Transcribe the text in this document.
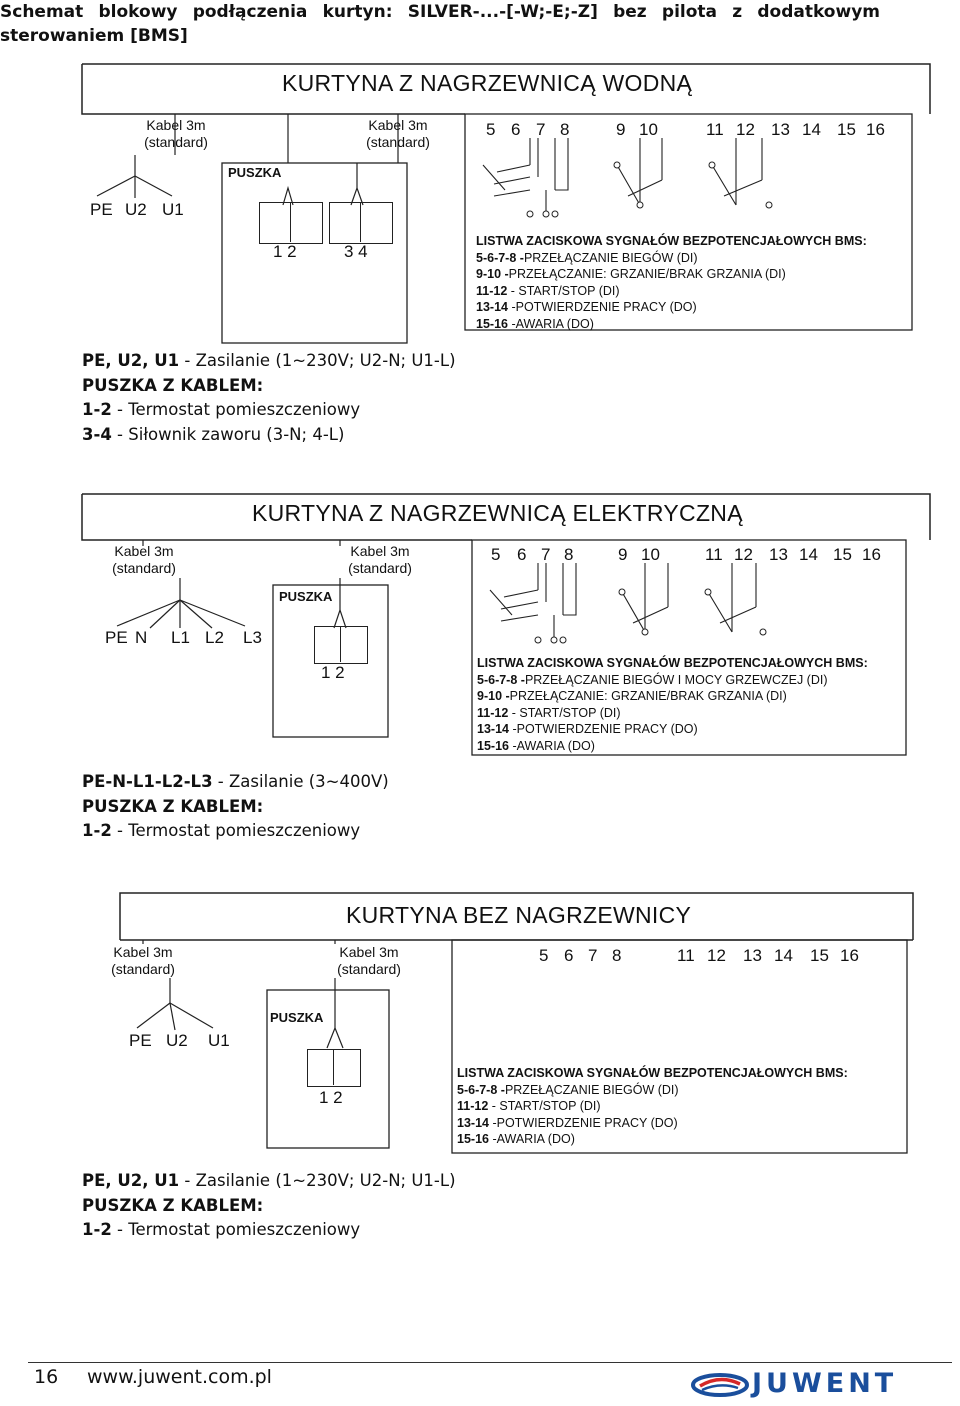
Schemat blokowy podłączenia kurtyn: SILVER-...-[-W;-E;-Z] bez pilota z dodatkowym sterowaniem [BMS]
KURTYNA Z NAGRZEWNICĄ WODNĄ
Kabel 3m
(standard)
Kabel 3m
(standard)
PE U2 U1
PUSZKA
1 2	3 4
5 6 7 8	9 10	11 12 13 14 15 16
LISTWA ZACISKOWA SYGNAŁÓW BEZPOTENCJAŁOWYCH BMS:
5-6-7-8 -PRZEŁĄCZANIE BIEGÓW (DI)
9-10 -PRZEŁĄCZANIE: GRZANIE/BRAK GRZANIA (DI)
11-12 - START/STOP (DI)
13-14 -POTWIERDZENIE PRACY (DO)
15-16 -AWARIA (DO)
PE, U2, U1 - Zasilanie (1~230V; U2-N; U1-L)
PUSZKA Z KABLEM:
1-2 - Termostat pomieszczeniowy
3-4 - Siłownik zaworu (3-N; 4-L)
KURTYNA Z NAGRZEWNICĄ ELEKTRYCZNĄ
Kabel 3m
(standard)
Kabel 3m
(standard)
PE N L1 L2 L3
PUSZKA
1 2
5 6 7 8	9 10	11 12 13 14 15 16
LISTWA ZACISKOWA SYGNAŁÓW BEZPOTENCJAŁOWYCH BMS:
5-6-7-8 -PRZEŁĄCZANIE BIEGÓW I MOCY GRZEWCZEJ (DI)
9-10 -PRZEŁĄCZANIE: GRZANIE/BRAK GRZANIA (DI)
11-12 - START/STOP (DI)
13-14 -POTWIERDZENIE PRACY (DO)
15-16 -AWARIA (DO)
PE-N-L1-L2-L3 - Zasilanie (3~400V)
PUSZKA Z KABLEM:
1-2 - Termostat pomieszczeniowy
KURTYNA BEZ NAGRZEWNICY
Kabel 3m
(standard)
Kabel 3m
(standard)
PE U2 U1
PUSZKA
1 2
5 6 7 8	11 12 13 14 15 16
LISTWA ZACISKOWA SYGNAŁÓW BEZPOTENCJAŁOWYCH BMS:
5-6-7-8 -PRZEŁĄCZANIE BIEGÓW (DI)
11-12 - START/STOP (DI)
13-14 -POTWIERDZENIE PRACY (DO)
15-16 -AWARIA (DO)
PE, U2, U1 - Zasilanie (1~230V; U2-N; U1-L)
PUSZKA Z KABLEM:
1-2 - Termostat pomieszczeniowy
16 www.juwent.com.pl	JUWENT
